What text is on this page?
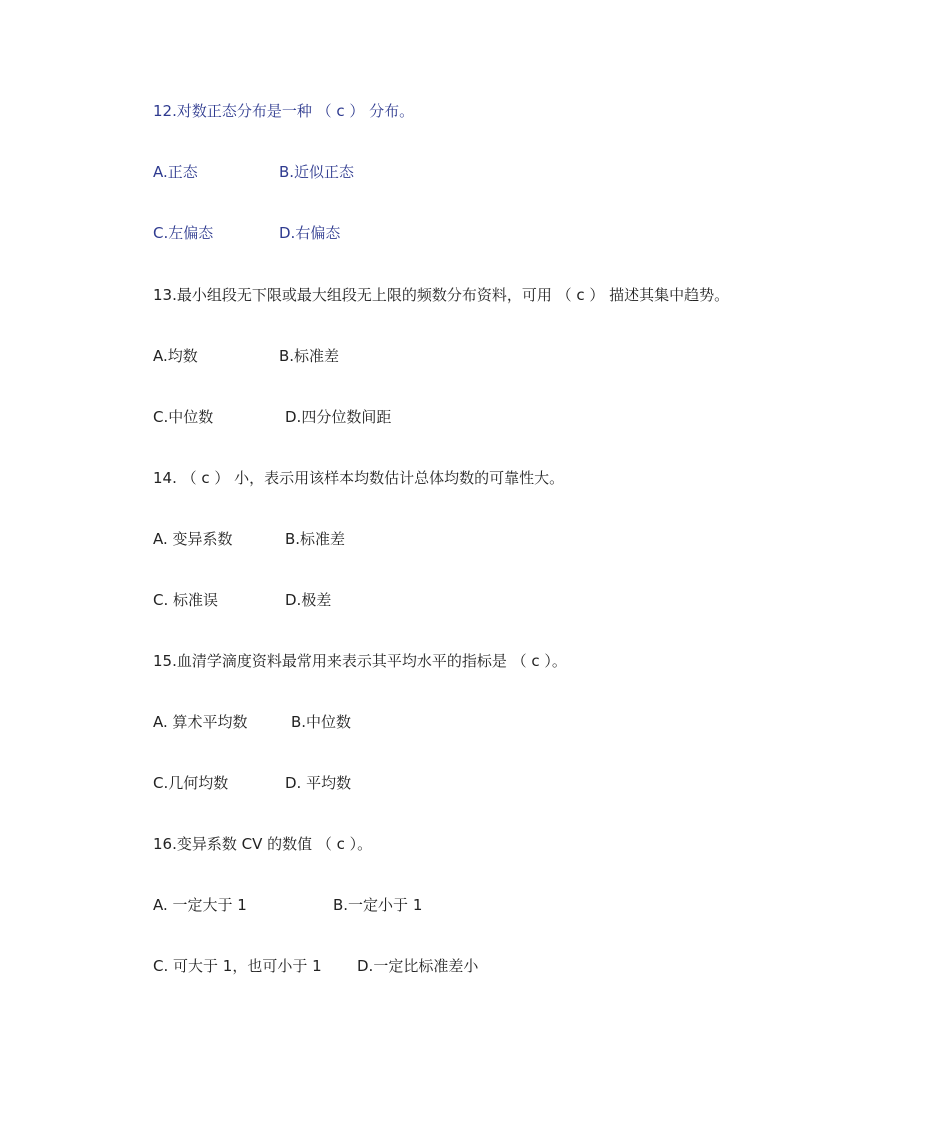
12.对数正态分布是一种 （ c ） 分布。
A.正态	B.近似正态
C.左偏态	D.右偏态
13.最小组段无下限或最大组段无上限的频数分布资料，可用 （ c ） 描述其集中趋势。
A.均数	B.标准差
C.中位数	D.四分位数间距
14. （ c ） 小，表示用该样本均数估计总体均数的可靠性大。
A. 变异系数	B.标准差
C. 标准误	D.极差
15.血清学滴度资料最常用来表示其平均水平的指标是 （ c ）。
A. 算术平均数	B.中位数
C.几何均数	D. 平均数
16.变异系数 CV 的数值 （ c ）。
A. 一定大于 1	B.一定小于 1
C. 可大于 1，也可小于 1 D.一定比标准差小
